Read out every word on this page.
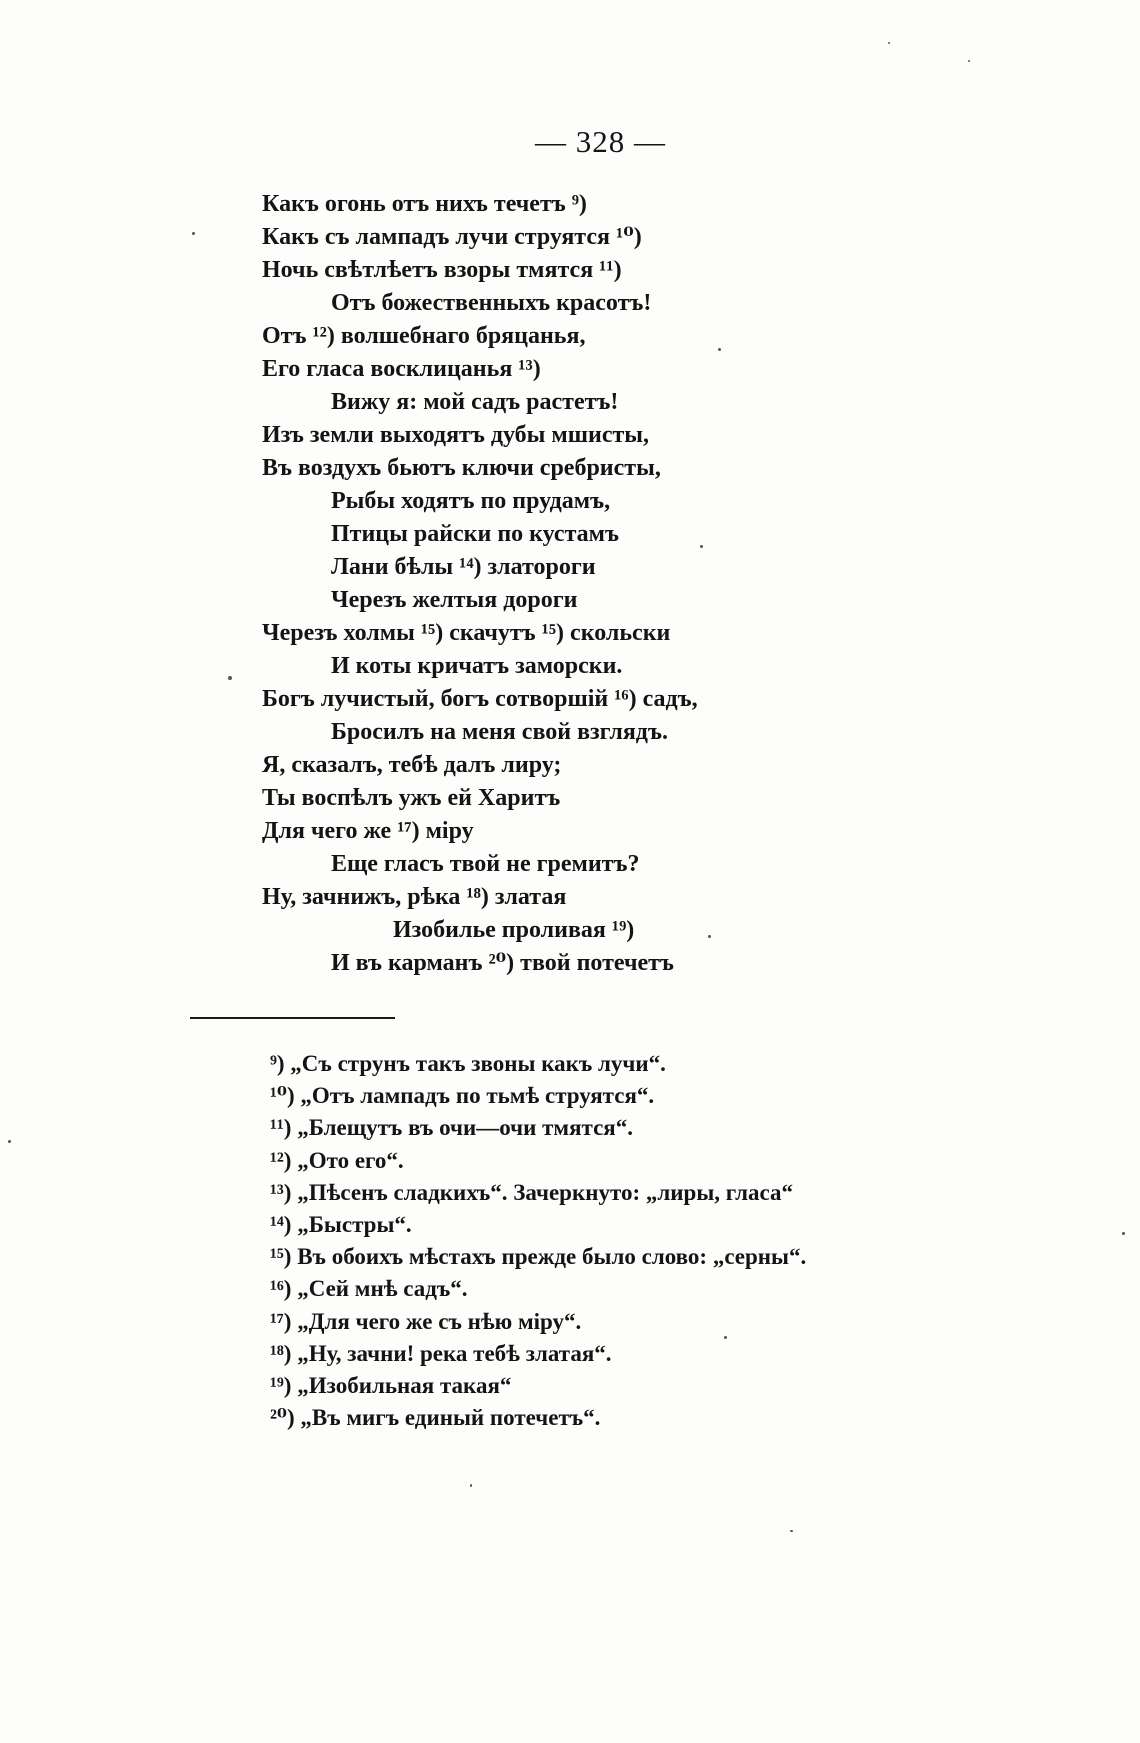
— 328 —
Какъ огонь отъ нихъ течетъ ⁹)
Какъ съ лампадъ лучи струятся ¹⁰)
Ночь свѣтлѣетъ взоры тмятся ¹¹)
Отъ божественныхъ красотъ!
Отъ ¹²) волшебнаго бряцанья,
Его гласа восклицанья ¹³)
Вижу я: мой садъ растетъ!
Изъ земли выходятъ дубы мшисты,
Въ воздухъ бьютъ ключи сребристы,
Рыбы ходятъ по прудамъ,
Птицы райски по кустамъ
Лани бѣлы ¹⁴) златороги
Черезъ желтыя дороги
Черезъ холмы ¹⁵) скачутъ ¹⁵) скольски
И коты кричатъ заморски.
Богъ лучистый, богъ сотворшій ¹⁶) садъ,
Бросилъ на меня свой взглядъ.
Я, сказалъ, тебѣ далъ лиру;
Ты воспѣлъ ужъ ей Харитъ
Для чего же ¹⁷) міру
Еще гласъ твой не гремитъ?
Ну, зачнижъ, рѣка ¹⁸) златая
Изобилье проливая ¹⁹)
И въ карманъ ²⁰) твой потечетъ
⁹) „Съ струнъ такъ звоны какъ лучи“.
¹⁰) „Отъ лампадъ по тьмѣ струятся“.
¹¹) „Блещутъ въ очи—очи тмятся“.
¹²) „Ото его“.
¹³) „Пѣсенъ сладкихъ“. Зачеркнуто: „лиры, гласа“
¹⁴) „Быстры“.
¹⁵) Въ обоихъ мѣстахъ прежде было слово: „серны“.
¹⁶) „Сей мнѣ садъ“.
¹⁷) „Для чего же съ нѣю міру“.
¹⁸) „Ну, зачни! река тебѣ златая“.
¹⁹) „Изобильная такая“
²⁰) „Въ мигъ единый потечетъ“.
